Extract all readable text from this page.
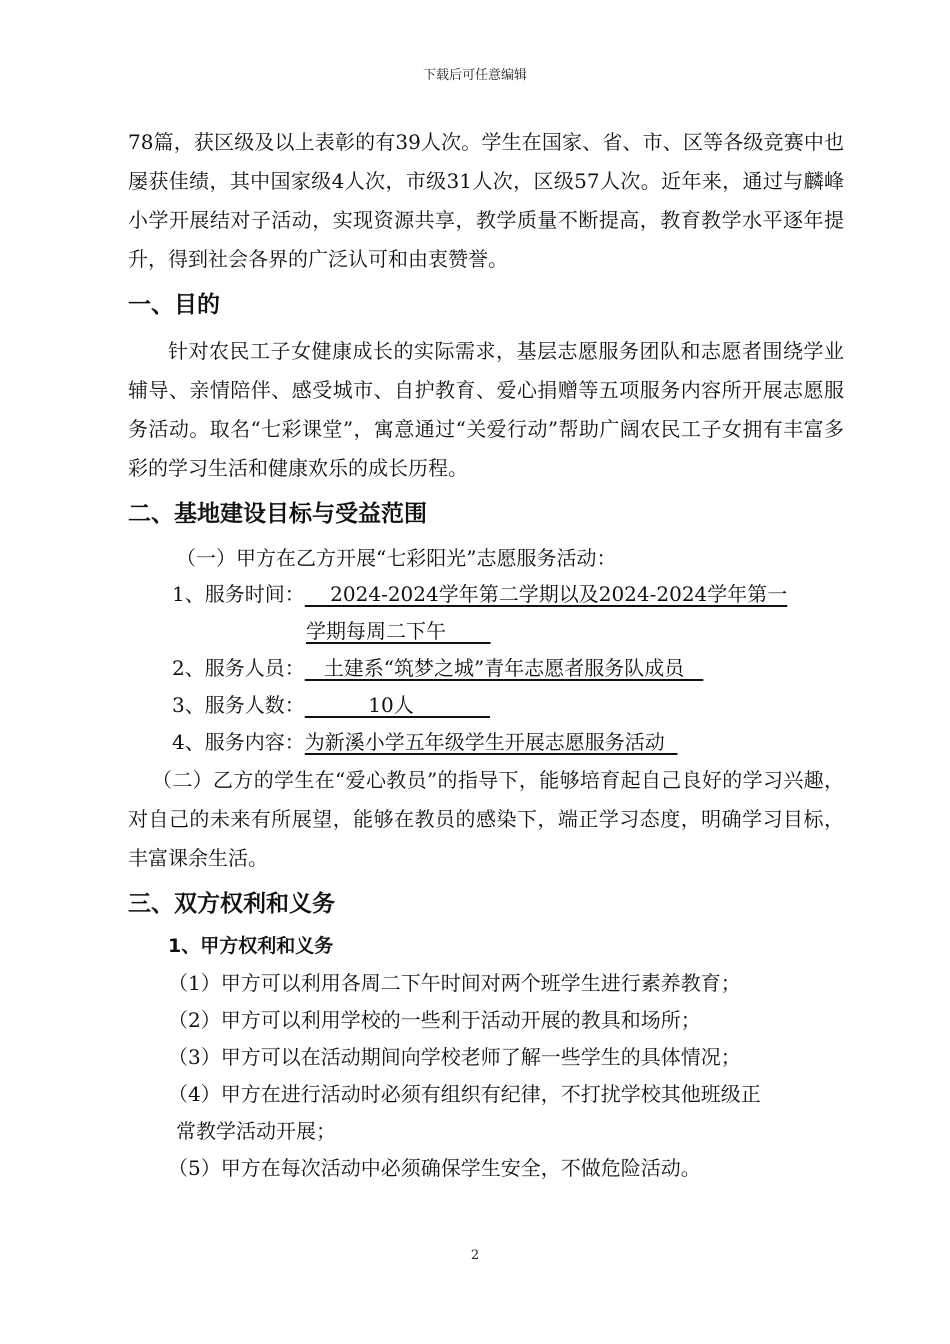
下载后可任意编辑

78篇，获区级及以上表彰的有39人次。学生在国家、省、市、区等各级竞赛中也屡获佳绩，其中国家级4人次，市级31人次，区级57人次。近年来，通过与麟峰小学开展结对子活动，实现资源共享，教学质量不断提高，教育教学水平逐年提升，得到社会各界的广泛认可和由衷赞誉。

一、目的

针对农民工子女健康成长的实际需求，基层志愿服务团队和志愿者围绕学业辅导、亲情陪伴、感受城市、自护教育、爱心捐赠等五项服务内容所开展志愿服务活动。取名“七彩课堂”，寓意通过“关爱行动”帮助广阔农民工子女拥有丰富多彩的学习生活和健康欢乐的成长历程。

二、基地建设目标与受益范围
（一）甲方在乙方开展“七彩阳光”志愿服务活动：
1、服务时间：    2024-2024学年第二学期以及2024-2024学年第一
学期每周二下午
2、服务人员：   土建系“筑梦之城”青年志愿者服务队成员
3、服务人数：          10人
4、服务内容：为新溪小学五年级学生开展志愿服务活动

（二）乙方的学生在“爱心教员”的指导下，能够培育起自己良好的学习兴趣，对自己的未来有所展望，能够在教员的感染下，端正学习态度，明确学习目标，丰富课余生活。

三、双方权利和义务
1、甲方权利和义务
（1）甲方可以利用各周二下午时间对两个班学生进行素养教育；
（2）甲方可以利用学校的一些利于活动开展的教具和场所；
（3）甲方可以在活动期间向学校老师了解一些学生的具体情况；
（4）甲方在进行活动时必须有组织有纪律，不打扰学校其他班级正
常教学活动开展；
（5）甲方在每次活动中必须确保学生安全，不做危险活动。
2
